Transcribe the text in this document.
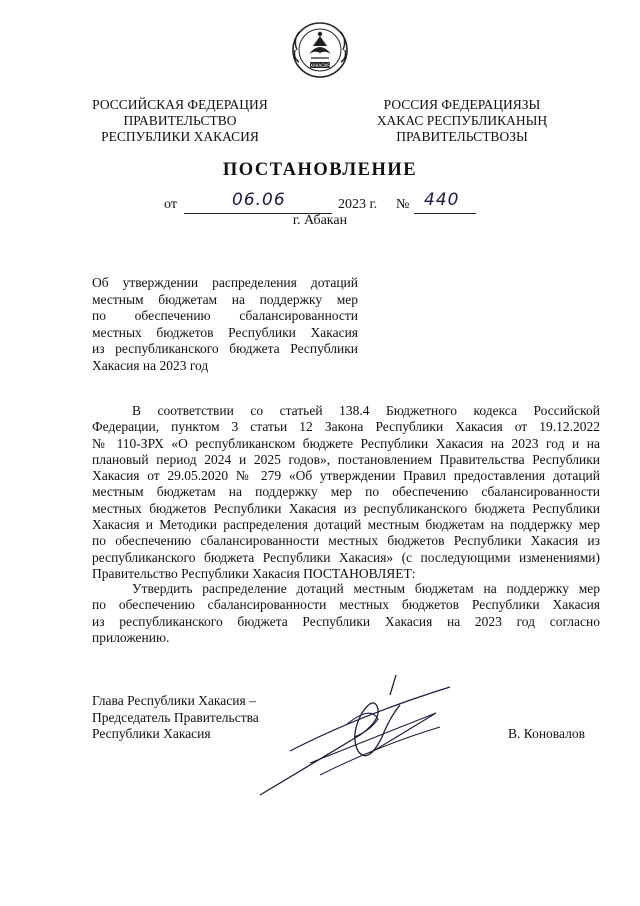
ХАКАСИЯ
РОССИЙСКАЯ ФЕДЕРАЦИЯ
ПРАВИТЕЛЬСТВО
РЕСПУБЛИКИ ХАКАСИЯ
РОССИЯ ФЕДЕРАЦИЯЗЫ
ХАКАС РЕСПУБЛИКАНЫҢ
ПРАВИТЕЛЬСТВОЗЫ
ПОСТАНОВЛЕНИЕ
от	06.06	2023 г. № 440
г. Абакан
Об утверждении распределения дотаций
местным бюджетам на поддержку мер
по обеспечению сбалансированности
местных бюджетов Республики Хакасия
из республиканского бюджета Республики
Хакасия на 2023 год
В соответствии со статьей 138.4 Бюджетного кодекса Российской
Федерации, пунктом 3 статьи 12 Закона Республики Хакасия от 19.12.2022
№ 110-ЗРХ «О республиканском бюджете Республики Хакасия на 2023 год и на
плановый период 2024 и 2025 годов», постановлением Правительства Республики
Хакасия от 29.05.2020 № 279 «Об утверждении Правил предоставления дотаций
местным бюджетам на поддержку мер по обеспечению сбалансированности
местных бюджетов Республики Хакасия из республиканского бюджета Республики
Хакасия и Методики распределения дотаций местным бюджетам на поддержку мер
по обеспечению сбалансированности местных бюджетов Республики Хакасия из
республиканского бюджета Республики Хакасия» (с последующими изменениями)
Правительство Республики Хакасия ПОСТАНОВЛЯЕТ:
Утвердить распределение дотаций местным бюджетам на поддержку мер
по обеспечению сбалансированности местных бюджетов Республики Хакасия
из республиканского бюджета Республики Хакасия на 2023 год согласно
приложению.
Глава Республики Хакасия –
Председатель Правительства
Республики Хакасия	В. Коновалов
